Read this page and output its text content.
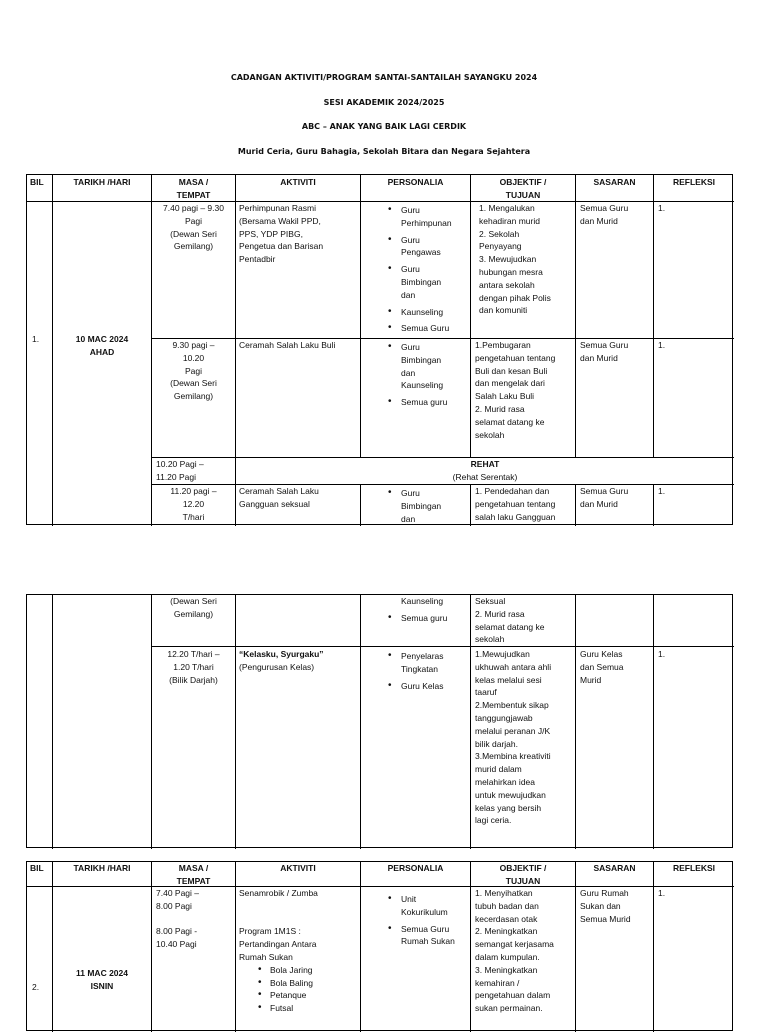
CADANGAN AKTIVITI/PROGRAM SANTAI-SANTAILAH SAYANGKU 2024
SESI AKADEMIK 2024/2025
ABC – ANAK YANG BAIK LAGI CERDIK
Murid Ceria, Guru Bahagia, Sekolah Bitara dan Negara Sejahtera
BIL	TARIKH /HARI	MASA /
TEMPAT
AKTIVITI	PERSONALIA	OBJEKTIF /
TUJUAN
SASARAN	REFLEKSI
1.	10 MAC 2024
AHAD
7.40 pagi – 9.30
Pagi
(Dewan Seri
Gemilang)
Perhimpunan Rasmi
(Bersama Wakil PPD,
PPS, YDP PIBG,
Pengetua dan Barisan
Pentadbir
• Guru
Perhimpunan
• Guru
Pengawas
• Guru
Bimbingan
dan
• Kaunseling
• Semua Guru
1. Mengalukan
kehadiran murid
2. Sekolah
Penyayang
3. Mewujudkan
hubungan mesra
antara sekolah
dengan pihak Polis
dan komuniti
Semua Guru
dan Murid
1.
9.30 pagi –
10.20
Pagi
(Dewan Seri
Gemilang)
Ceramah Salah Laku Buli
•	Guru
Bimbingan
dan
Kaunseling
• Semua guru
1.Pembugaran
pengetahuan tentang
Buli dan kesan Buli
dan mengelak dari
Salah Laku Buli
2. Murid rasa
selamat datang ke
sekolah
Semua Guru
dan Murid
1.
10.20 Pagi –
11.20 Pagi
REHAT
(Rehat Serentak)
11.20 pagi –
12.20
T/hari
Ceramah Salah Laku
Gangguan seksual
• Guru
Bimbingan
dan
1. Pendedahan dan
pengetahuan tentang
salah laku Gangguan
Semua Guru
dan Murid
1.
(Dewan Seri
Gemilang)
Kaunseling
• Semua guru
Seksual
2. Murid rasa
selamat datang ke
sekolah
12.20 T/hari –
1.20 T/hari
(Bilik Darjah)
“Kelasku, Syurgaku”
(Pengurusan Kelas)
• Penyelaras
Tingkatan
• Guru Kelas
1.Mewujudkan
ukhuwah antara ahli
kelas melalui sesi
taaruf
2.Membentuk sikap
tanggungjawab
melalui peranan J/K
bilik darjah.
3.Membina kreativiti
murid dalam
melahirkan idea
untuk mewujudkan
kelas yang bersih
lagi ceria.
Guru Kelas
dan Semua
Murid
1.
BIL	TARIKH /HARI	MASA /
TEMPAT
AKTIVITI	PERSONALIA	OBJEKTIF /
TUJUAN
SASARAN	REFLEKSI
2.
11 MAC 2024
ISNIN
7.40 Pagi –
8.00 Pagi
8.00 Pagi -
10.40 Pagi
Senamrobik / Zumba
Program 1M1S :
Pertandingan Antara
Rumah Sukan
• Bola Jaring
• Bola Baling
• Petanque
• Futsal
• Unit
Kokurikulum
• Semua Guru
Rumah Sukan
1. Menyihatkan
tubuh badan dan
kecerdasan otak
2. Meningkatkan
semangat kerjasama
dalam kumpulan.
3. Meningkatkan
kemahiran /
pengetahuan dalam
sukan permainan.
Guru Rumah
Sukan dan
Semua Murid
1.
